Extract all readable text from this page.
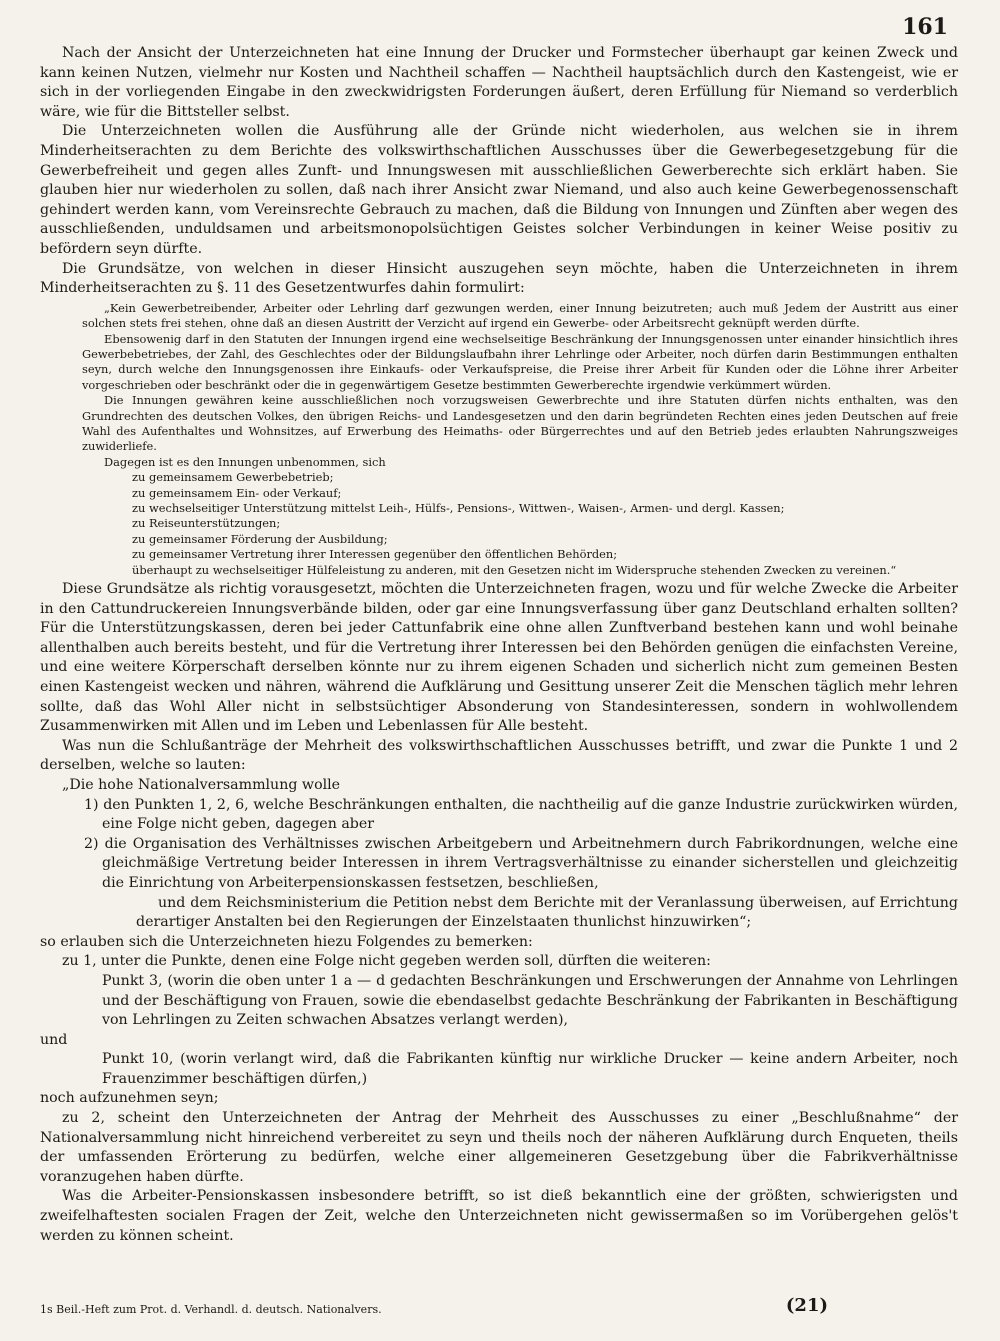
161

Nach der Ansicht der Unterzeichneten hat eine Innung der Drucker und Formstecher überhaupt gar keinen Zweck und kann keinen Nutzen, vielmehr nur Kosten und Nachtheil schaffen — Nachtheil hauptsächlich durch den Kastengeist, wie er sich in der vorliegenden Eingabe in den zweckwidrigsten Forderungen äußert, deren Erfüllung für Niemand so verderblich wäre, wie für die Bittsteller selbst.

Die Unterzeichneten wollen die Ausführung alle der Gründe nicht wiederholen, aus welchen sie in ihrem Minderheitserachten zu dem Berichte des volkswirthschaftlichen Ausschusses über die Gewerbegesetzgebung für die Gewerbefreiheit und gegen alles Zunft- und Innungswesen mit ausschließlichen Gewerberechte sich erklärt haben. Sie glauben hier nur wiederholen zu sollen, daß nach ihrer Ansicht zwar Niemand, und also auch keine Gewerbegenossenschaft gehindert werden kann, vom Vereinsrechte Gebrauch zu machen, daß die Bildung von Innungen und Zünften aber wegen des ausschließenden, unduldsamen und arbeitsmonopolsüchtigen Geistes solcher Verbindungen in keiner Weise positiv zu befördern seyn dürfte.

Die Grundsätze, von welchen in dieser Hinsicht auszugehen seyn möchte, haben die Unterzeichneten in ihrem Minderheitserachten zu §. 11 des Gesetzentwurfes dahin formulirt:

„Kein Gewerbetreibender, Arbeiter oder Lehrling darf gezwungen werden, einer Innung beizutreten; auch muß Jedem der Austritt aus einer solchen stets frei stehen, ohne daß an diesen Austritt der Verzicht auf irgend ein Gewerbe- oder Arbeitsrecht geknüpft werden dürfte.

Ebensowenig darf in den Statuten der Innungen irgend eine wechselseitige Beschränkung der Innungsgenossen unter einander hinsichtlich ihres Gewerbebetriebes, der Zahl, des Geschlechtes oder der Bildungslaufbahn ihrer Lehrlinge oder Arbeiter, noch dürfen darin Bestimmungen enthalten seyn, durch welche den Innungsgenossen ihre Einkaufs- oder Verkaufspreise, die Preise ihrer Arbeit für Kunden oder die Löhne ihrer Arbeiter vorgeschrieben oder beschränkt oder die in gegenwärtigem Gesetze bestimmten Gewerberechte irgendwie verkümmert würden.

Die Innungen gewähren keine ausschließlichen noch vorzugsweisen Gewerbrechte und ihre Statuten dürfen nichts enthalten, was den Grundrechten des deutschen Volkes, den übrigen Reichs- und Landesgesetzen und den darin begründeten Rechten eines jeden Deutschen auf freie Wahl des Aufenthaltes und Wohnsitzes, auf Erwerbung des Heimaths- oder Bürgerrechtes und auf den Betrieb jedes erlaubten Nahrungszweiges zuwiderliefe.

Dagegen ist es den Innungen unbenommen, sich

zu gemeinsamem Gewerbebetrieb;

zu gemeinsamem Ein- oder Verkauf;

zu wechselseitiger Unterstützung mittelst Leih-, Hülfs-, Pensions-, Wittwen-, Waisen-, Armen- und dergl. Kassen;

zu Reiseunterstützungen;

zu gemeinsamer Förderung der Ausbildung;

zu gemeinsamer Vertretung ihrer Interessen gegenüber den öffentlichen Behörden;

überhaupt zu wechselseitiger Hülfeleistung zu anderen, mit den Gesetzen nicht im Widerspruche stehenden Zwecken zu vereinen.“

Diese Grundsätze als richtig vorausgesetzt, möchten die Unterzeichneten fragen, wozu und für welche Zwecke die Arbeiter in den Cattundruckereien Innungsverbände bilden, oder gar eine Innungsverfassung über ganz Deutschland erhalten sollten? Für die Unterstützungskassen, deren bei jeder Cattunfabrik eine ohne allen Zunftverband bestehen kann und wohl beinahe allenthalben auch bereits besteht, und für die Vertretung ihrer Interessen bei den Behörden genügen die einfachsten Vereine, und eine weitere Körperschaft derselben könnte nur zu ihrem eigenen Schaden und sicherlich nicht zum gemeinen Besten einen Kastengeist wecken und nähren, während die Aufklärung und Gesittung unserer Zeit die Menschen täglich mehr lehren sollte, daß das Wohl Aller nicht in selbstsüchtiger Absonderung von Standesinteressen, sondern in wohlwollendem Zusammenwirken mit Allen und im Leben und Lebenlassen für Alle besteht.

Was nun die Schlußanträge der Mehrheit des volkswirthschaftlichen Ausschusses betrifft, und zwar die Punkte 1 und 2 derselben, welche so lauten:

„Die hohe Nationalversammlung wolle

1) den Punkten 1, 2, 6, welche Beschränkungen enthalten, die nachtheilig auf die ganze Industrie zurückwirken würden, eine Folge nicht geben, dagegen aber

2) die Organisation des Verhältnisses zwischen Arbeitgebern und Arbeitnehmern durch Fabrikordnungen, welche eine gleichmäßige Vertretung beider Interessen in ihrem Vertragsverhältnisse zu einander sicherstellen und gleichzeitig die Einrichtung von Arbeiterpensionskassen festsetzen, beschließen,

und dem Reichsministerium die Petition nebst dem Berichte mit der Veranlassung überweisen, auf Errichtung derartiger Anstalten bei den Regierungen der Einzelstaaten thunlichst hinzuwirken“;

so erlauben sich die Unterzeichneten hiezu Folgendes zu bemerken:

zu 1, unter die Punkte, denen eine Folge nicht gegeben werden soll, dürften die weiteren:

Punkt 3, (worin die oben unter 1 a — d gedachten Beschränkungen und Erschwerungen der Annahme von Lehrlingen und der Beschäftigung von Frauen, sowie die ebendaselbst gedachte Beschränkung der Fabrikanten in Beschäftigung von Lehrlingen zu Zeiten schwachen Absatzes verlangt werden),

und

Punkt 10, (worin verlangt wird, daß die Fabrikanten künftig nur wirkliche Drucker — keine andern Arbeiter, noch Frauenzimmer beschäftigen dürfen,)

noch aufzunehmen seyn;

zu 2, scheint den Unterzeichneten der Antrag der Mehrheit des Ausschusses zu einer „Beschlußnahme“ der Nationalversammlung nicht hinreichend verbereitet zu seyn und theils noch der näheren Aufklärung durch Enqueten, theils der umfassenden Erörterung zu bedürfen, welche einer allgemeineren Gesetzgebung über die Fabrikverhältnisse voranzugehen haben dürfte.

Was die Arbeiter-Pensionskassen insbesondere betrifft, so ist dieß bekanntlich eine der größten, schwierigsten und zweifelhaftesten socialen Fragen der Zeit, welche den Unterzeichneten nicht gewissermaßen so im Vorübergehen gelös't werden zu können scheint.

1s Beil.-Heft zum Prot. d. Verhandl. d. deutsch. Nationalvers.	(21)
